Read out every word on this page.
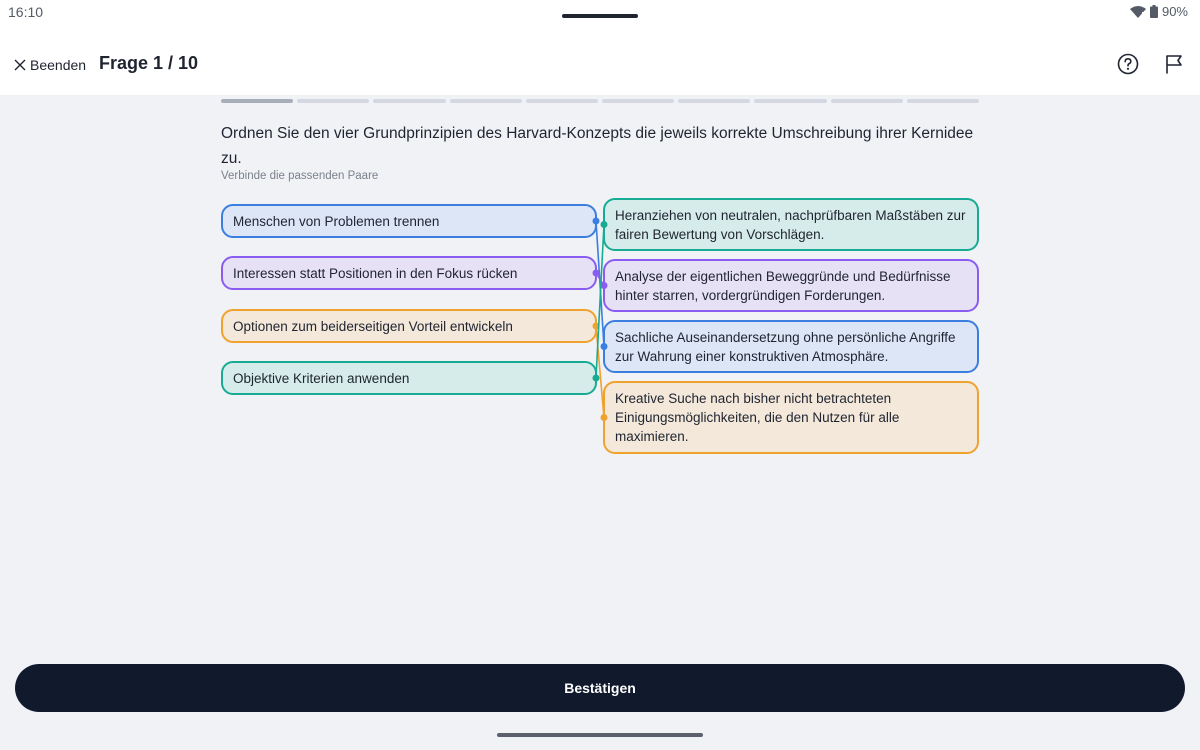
16:10	90%
Beenden Frage 1 / 10
Ordnen Sie den vier Grundprinzipien des Harvard-Konzepts die jeweils korrekte Umschreibung ihrer Kernidee zu.
Verbinde die passenden Paare
Menschen von Problemen trennen
Interessen statt Positionen in den Fokus rücken
Optionen zum beiderseitigen Vorteil entwickeln
Objektive Kriterien anwenden
Heranziehen von neutralen, nachprüfbaren Maßstäben zur fairen Bewertung von Vorschlägen.
Analyse der eigentlichen Beweggründe und Bedürfnisse hinter starren, vordergründigen Forderungen.
Sachliche Auseinandersetzung ohne persönliche Angriffe zur Wahrung einer konstruktiven Atmosphäre.
Kreative Suche nach bisher nicht betrachteten Einigungsmöglichkeiten, die den Nutzen für alle maximieren.
Bestätigen
